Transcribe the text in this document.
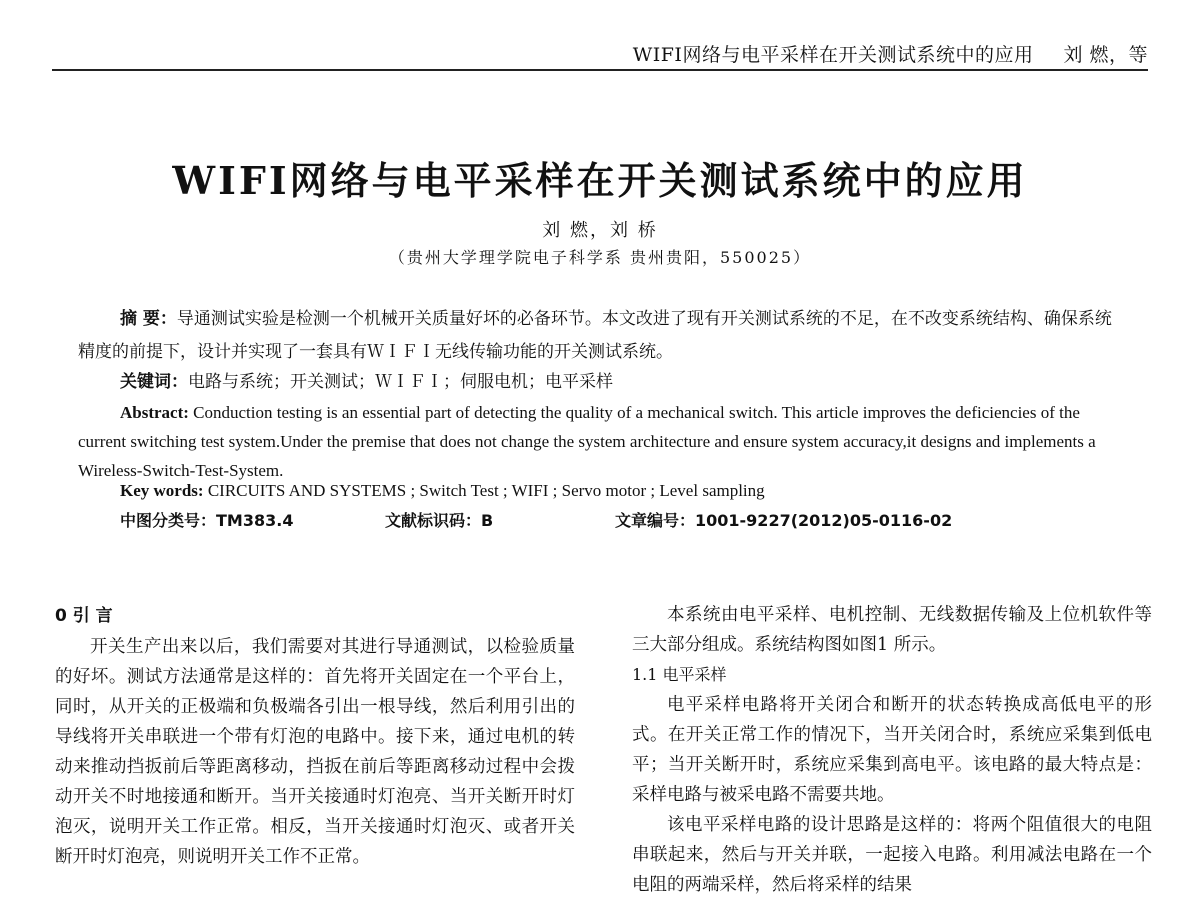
WIFI网络与电平采样在开关测试系统中的应用 刘 燃，等
WIFI网络与电平采样在开关测试系统中的应用
刘 燃，刘 桥
（贵州大学理学院电子科学系 贵州贵阳，550025）
摘 要：导通测试实验是检测一个机械开关质量好坏的必备环节。本文改进了现有开关测试系统的不足，在不改变系统结构、确保系统精度的前提下，设计并实现了一套具有ＷＩＦＩ无线传输功能的开关测试系统。
关键词：电路与系统；开关测试；ＷＩＦＩ；伺服电机；电平采样
Abstract: Conduction testing is an essential part of detecting the quality of a mechanical switch. This article improves the deficiencies of the current switching test system.Under the premise that does not change the system architecture and ensure system accuracy,it designs and implements a Wireless-Switch-Test-System.
Key words: CIRCUITS AND SYSTEMS ; Switch Test ; WIFI ; Servo motor ; Level sampling
中图分类号：TM383.4	文献标识码：B	文章编号：1001-9227(2012)05-0116-02
0 引 言

开关生产出来以后，我们需要对其进行导通测试，以检验质量的好坏。测试方法通常是这样的：首先将开关固定在一个平台上，同时，从开关的正极端和负极端各引出一根导线，然后利用引出的导线将开关串联进一个带有灯泡的电路中。接下来，通过电机的转动来推动挡扳前后等距离移动，挡扳在前后等距离移动过程中会拨动开关不时地接通和断开。当开关接通时灯泡亮、当开关断开时灯泡灭，说明开关工作正常。相反，当开关接通时灯泡灭、或者开关断开时灯泡亮，则说明开关工作不正常。

本系统由电平采样、电机控制、无线数据传输及上位机软件等三大部分组成。系统结构图如图1 所示。

1.1 电平采样

电平采样电路将开关闭合和断开的状态转换成高低电平的形式。在开关正常工作的情况下，当开关闭合时，系统应采集到低电平；当开关断开时，系统应采集到高电平。该电路的最大特点是：采样电路与被采电路不需要共地。

该电平采样电路的设计思路是这样的：将两个阻值很大的电阻串联起来，然后与开关并联，一起接入电路。利用减法电路在一个电阻的两端采样，然后将采样的结果
